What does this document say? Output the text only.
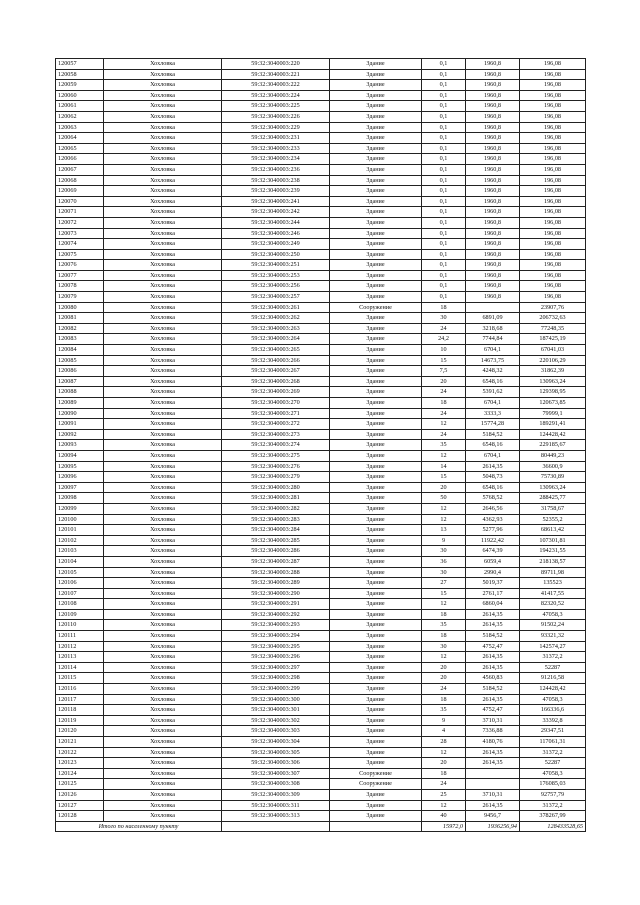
120057	Хохловка	59:32:3040003:220	Здание	0,1	1960,8	196,08
120058	Хохловка	59:32:3040003:221	Здание	0,1	1960,8	196,08
120059	Хохловка	59:32:3040003:222	Здание	0,1	1960,8	196,08
120060	Хохловка	59:32:3040003:224	Здание	0,1	1960,8	196,08
120061	Хохловка	59:32:3040003:225	Здание	0,1	1960,8	196,08
120062	Хохловка	59:32:3040003:226	Здание	0,1	1960,8	196,08
120063	Хохловка	59:32:3040003:229	Здание	0,1	1960,8	196,08
120064	Хохловка	59:32:3040003:231	Здание	0,1	1960,8	196,08
120065	Хохловка	59:32:3040003:233	Здание	0,1	1960,8	196,08
120066	Хохловка	59:32:3040003:234	Здание	0,1	1960,8	196,08
120067	Хохловка	59:32:3040003:236	Здание	0,1	1960,8	196,08
120068	Хохловка	59:32:3040003:238	Здание	0,1	1960,8	196,08
120069	Хохловка	59:32:3040003:239	Здание	0,1	1960,8	196,08
120070	Хохловка	59:32:3040003:241	Здание	0,1	1960,8	196,08
120071	Хохловка	59:32:3040003:242	Здание	0,1	1960,8	196,08
120072	Хохловка	59:32:3040003:244	Здание	0,1	1960,8	196,08
120073	Хохловка	59:32:3040003:246	Здание	0,1	1960,8	196,08
120074	Хохловка	59:32:3040003:249	Здание	0,1	1960,8	196,08
120075	Хохловка	59:32:3040003:250	Здание	0,1	1960,8	196,08
120076	Хохловка	59:32:3040003:251	Здание	0,1	1960,8	196,08
120077	Хохловка	59:32:3040003:253	Здание	0,1	1960,8	196,08
120078	Хохловка	59:32:3040003:256	Здание	0,1	1960,8	196,08
120079	Хохловка	59:32:3040003:257	Здание	0,1	1960,8	196,08
120080	Хохловка	59:32:3040003:261	Сооружение	18		23907,76
120081	Хохловка	59:32:3040003:262	Здание	30	6891,09	206732,63
120082	Хохловка	59:32:3040003:263	Здание	24	3218,68	77248,35
120083	Хохловка	59:32:3040003:264	Здание	24,2	7744,84	187425,19
120084	Хохловка	59:32:3040003:265	Здание	10	6704,1	67041,03
120085	Хохловка	59:32:3040003:266	Здание	15	14673,75	220106,29
120086	Хохловка	59:32:3040003:267	Здание	7,5	4248,32	31862,39
120087	Хохловка	59:32:3040003:268	Здание	20	6548,16	130963,24
120088	Хохловка	59:32:3040003:269	Здание	24	5391,62	129398,95
120089	Хохловка	59:32:3040003:270	Здание	18	6704,1	120673,85
120090	Хохловка	59:32:3040003:271	Здание	24	3333,3	79999,1
120091	Хохловка	59:32:3040003:272	Здание	12	15774,28	189291,41
120092	Хохловка	59:32:3040003:273	Здание	24	5184,52	124428,42
120093	Хохловка	59:32:3040003:274	Здание	35	6548,16	229185,67
120094	Хохловка	59:32:3040003:275	Здание	12	6704,1	80449,23
120095	Хохловка	59:32:3040003:276	Здание	14	2614,35	36600,9
120096	Хохловка	59:32:3040003:279	Здание	15	5048,73	75730,89
120097	Хохловка	59:32:3040003:280	Здание	20	6548,16	130963,24
120098	Хохловка	59:32:3040003:281	Здание	50	5768,52	288425,77
120099	Хохловка	59:32:3040003:282	Здание	12	2646,56	31758,67
120100	Хохловка	59:32:3040003:283	Здание	12	4362,93	52355,2
120101	Хохловка	59:32:3040003:284	Здание	13	5277,96	68613,42
120102	Хохловка	59:32:3040003:285	Здание	9	11922,42	107301,81
120103	Хохловка	59:32:3040003:286	Здание	30	6474,39	194231,55
120104	Хохловка	59:32:3040003:287	Здание	36	6059,4	218138,57
120105	Хохловка	59:32:3040003:288	Здание	30	2990,4	89711,98
120106	Хохловка	59:32:3040003:289	Здание	27	5019,37	135523
120107	Хохловка	59:32:3040003:290	Здание	15	2761,17	41417,55
120108	Хохловка	59:32:3040003:291	Здание	12	6860,04	82320,52
120109	Хохловка	59:32:3040003:292	Здание	18	2614,35	47058,3
120110	Хохловка	59:32:3040003:293	Здание	35	2614,35	91502,24
120111	Хохловка	59:32:3040003:294	Здание	18	5184,52	93321,32
120112	Хохловка	59:32:3040003:295	Здание	30	4752,47	142574,27
120113	Хохловка	59:32:3040003:296	Здание	12	2614,35	31372,2
120114	Хохловка	59:32:3040003:297	Здание	20	2614,35	52287
120115	Хохловка	59:32:3040003:298	Здание	20	4560,83	91216,58
120116	Хохловка	59:32:3040003:299	Здание	24	5184,52	124428,42
120117	Хохловка	59:32:3040003:300	Здание	18	2614,35	47058,3
120118	Хохловка	59:32:3040003:301	Здание	35	4752,47	166336,6
120119	Хохловка	59:32:3040003:302	Здание	9	3710,31	33392,8
120120	Хохловка	59:32:3040003:303	Здание	4	7336,88	29347,51
120121	Хохловка	59:32:3040003:304	Здание	28	4180,76	117061,31
120122	Хохловка	59:32:3040003:305	Здание	12	2614,35	31372,2
120123	Хохловка	59:32:3040003:306	Здание	20	2614,35	52287
120124	Хохловка	59:32:3040003:307	Сооружение	18		47058,3
120125	Хохловка	59:32:3040003:308	Сооружение	24		176085,03
120126	Хохловка	59:32:3040003:309	Здание	25	3710,31	92757,79
120127	Хохловка	59:32:3040003:311	Здание	12	2614,35	31372,2
120128	Хохловка	59:32:3040003:313	Здание	40	9456,7	378267,99
Итого по населенному пункту				15972,0	1936256,94	128433528,65
